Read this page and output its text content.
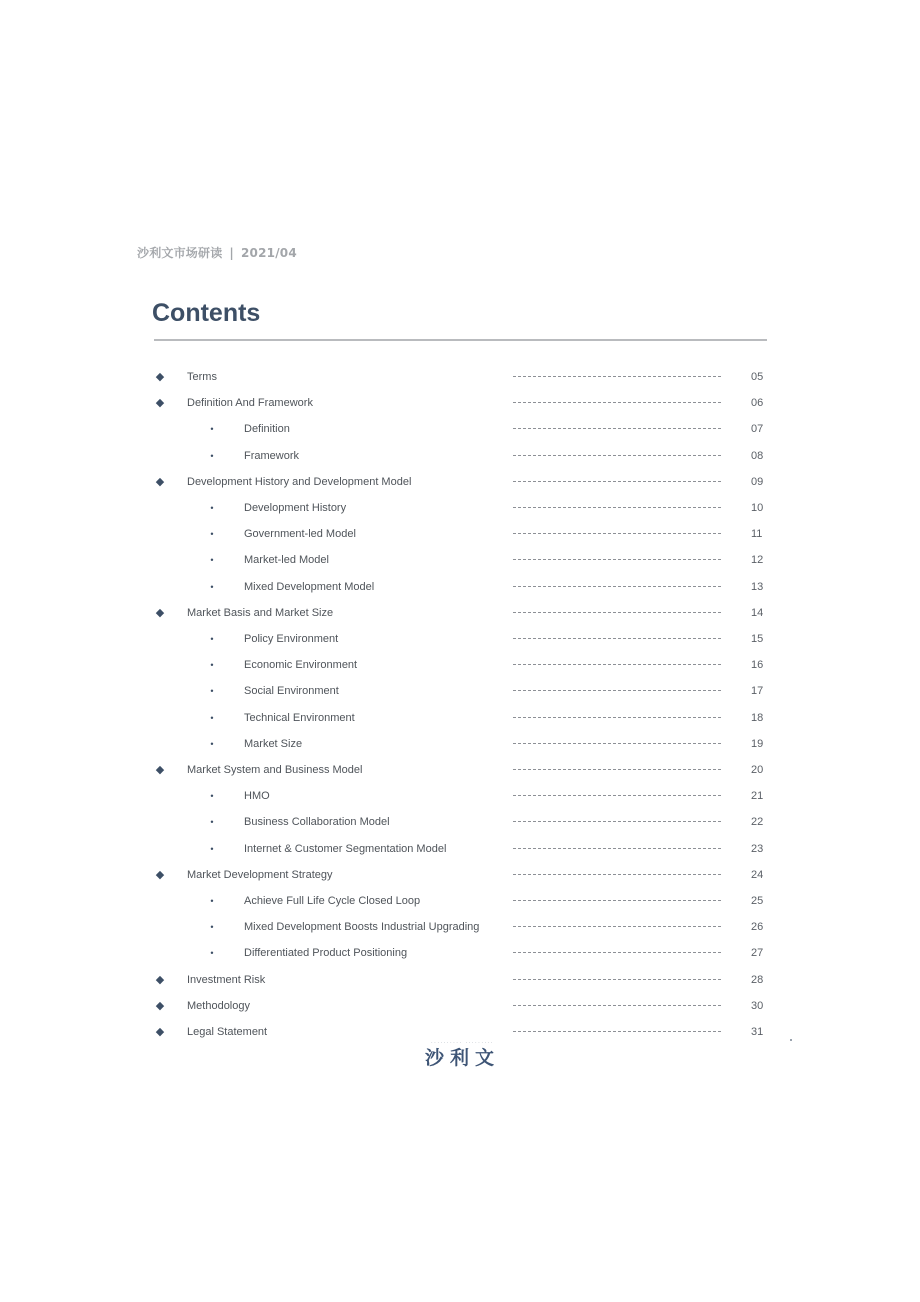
沙利文市场研读 | 2021/04
Contents
◆ Terms	05
◆ Definition And Framework	06
•	Definition	07
•	Framework	08
◆ Development History and Development Model	09
•	Development History	10
•	Government-led Model	11
•	Market-led Model	12
•	Mixed Development Model	13
◆ Market Basis and Market Size	14
•	Policy Environment	15
•	Economic Environment	16
•	Social Environment	17
•	Technical Environment	18
•	Market Size	19
◆ Market System and Business Model	20
•	HMO	21
•	Business Collaboration Model	22
•	Internet & Customer Segmentation Model	23
◆ Market Development Strategy	24
•	Achieve Full Life Cycle Closed Loop	25
•	Mixed Development Boosts Industrial Upgrading	26
•	Differentiated Product Positioning	27
◆ Investment Risk	28
◆ Methodology	30
◆ Legal Statement	31
·········· ·········
沙利文
